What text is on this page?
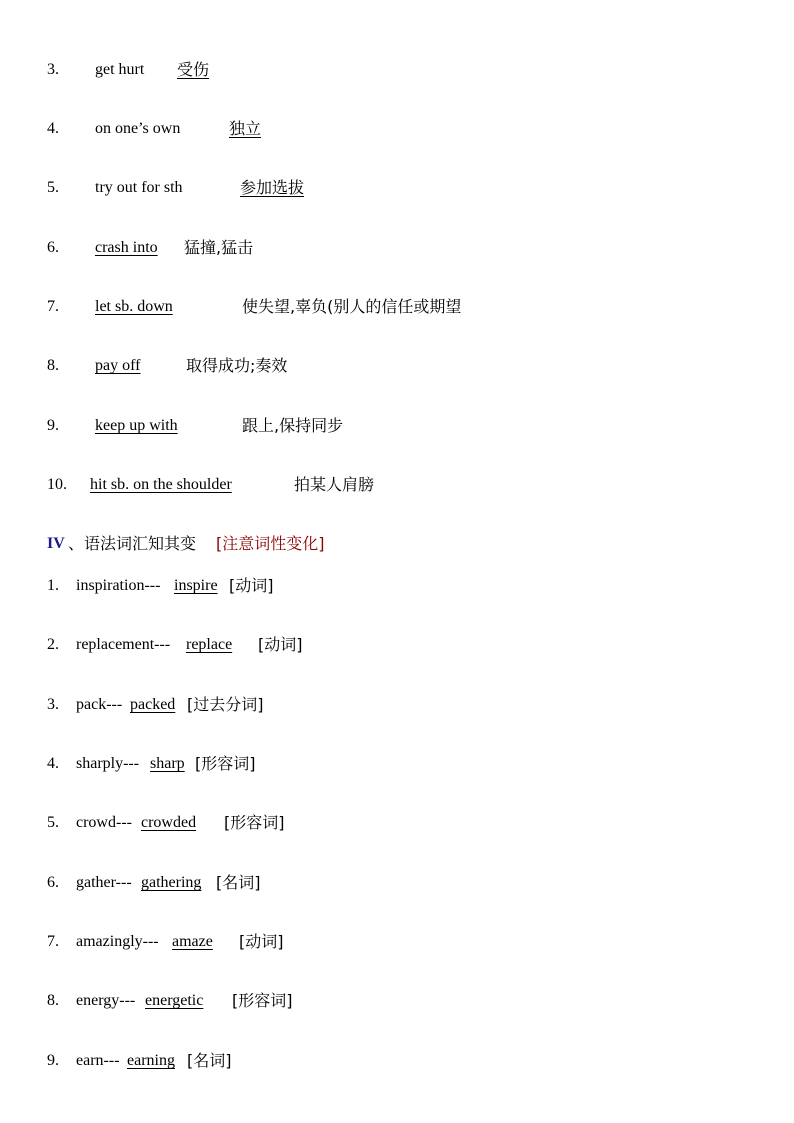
3. get hurt 受伤
4. on one’s own	独立
5. try out for sth	参加选拔
6. crash into 猛撞,猛击
7. let sb. down	使失望,辜负(别人的信任或期望
8. pay off	取得成功;奏效
9. keep up with	跟上,保持同步
10. hit sb. on the shoulder	拍某人肩膀
IV 、语法词汇知其变 [注意词性变化]
1. inspiration--- inspire [动词]
2. replacement--- replace [动词]
3. pack--- packed [过去分词]
4. sharply--- sharp [形容词]
5. crowd--- crowded [形容词]
6. gather--- gathering [名词]
7. amazingly--- amaze [动词]
8. energy--- energetic [形容词]
9. earn--- earning [名词]
